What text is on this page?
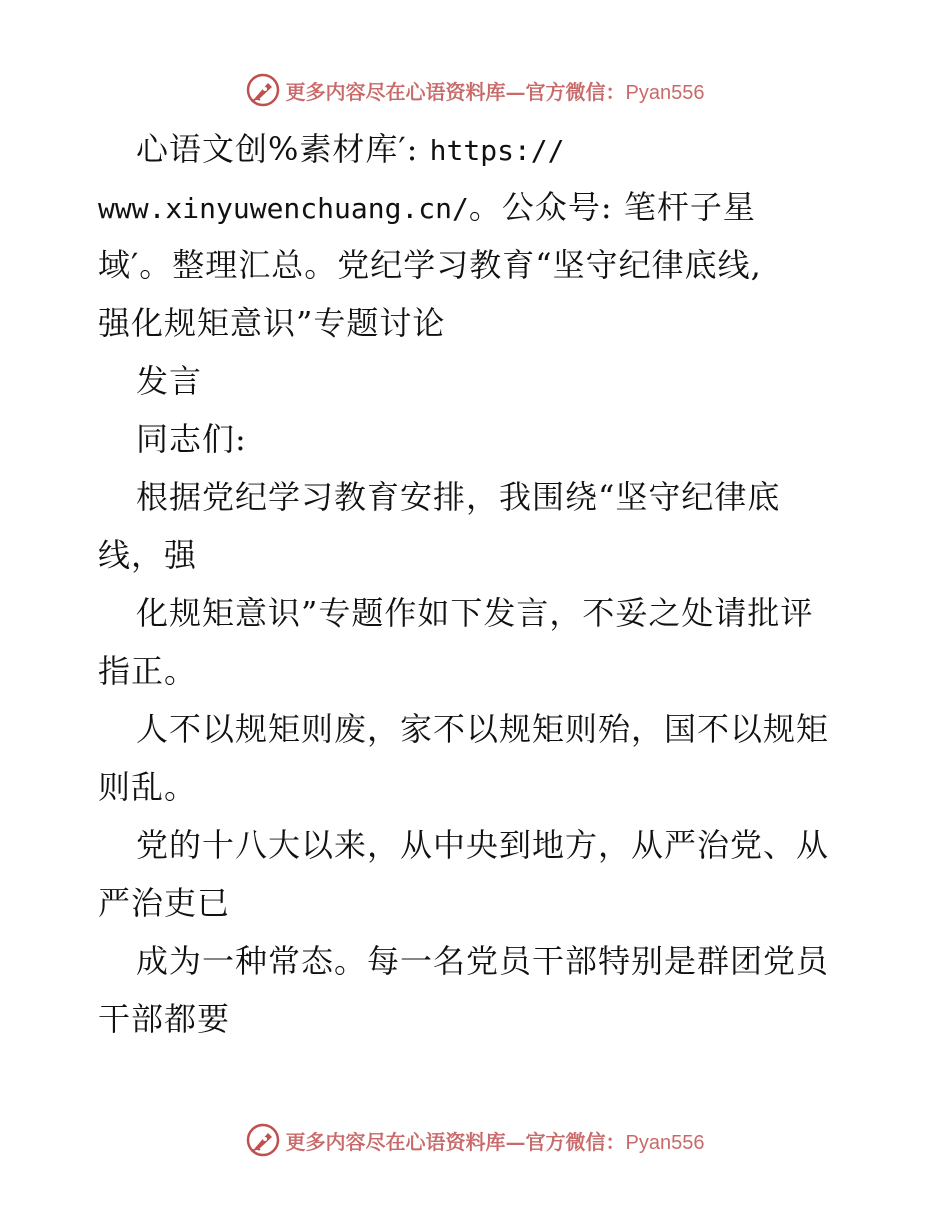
更多内容尽在心语资料库—官方微信：Pyan556
心语文创%素材库′: https://
www.xinyuwenchuang.cn/。公众号: 笔杆子星
域′。整理汇总。党纪学习教育“坚守纪律底线,
强化规矩意识”专题讨论
发言
同志们:
根据党纪学习教育安排，我围绕“坚守纪律底
线，强
化规矩意识”专题作如下发言，不妥之处请批评
指正。
人不以规矩则废，家不以规矩则殆，国不以规矩
则乱。
党的十八大以来，从中央到地方，从严治党、从
严治吏已
成为一种常态。每一名党员干部特别是群团党员
干部都要
更多内容尽在心语资料库—官方微信：Pyan556
